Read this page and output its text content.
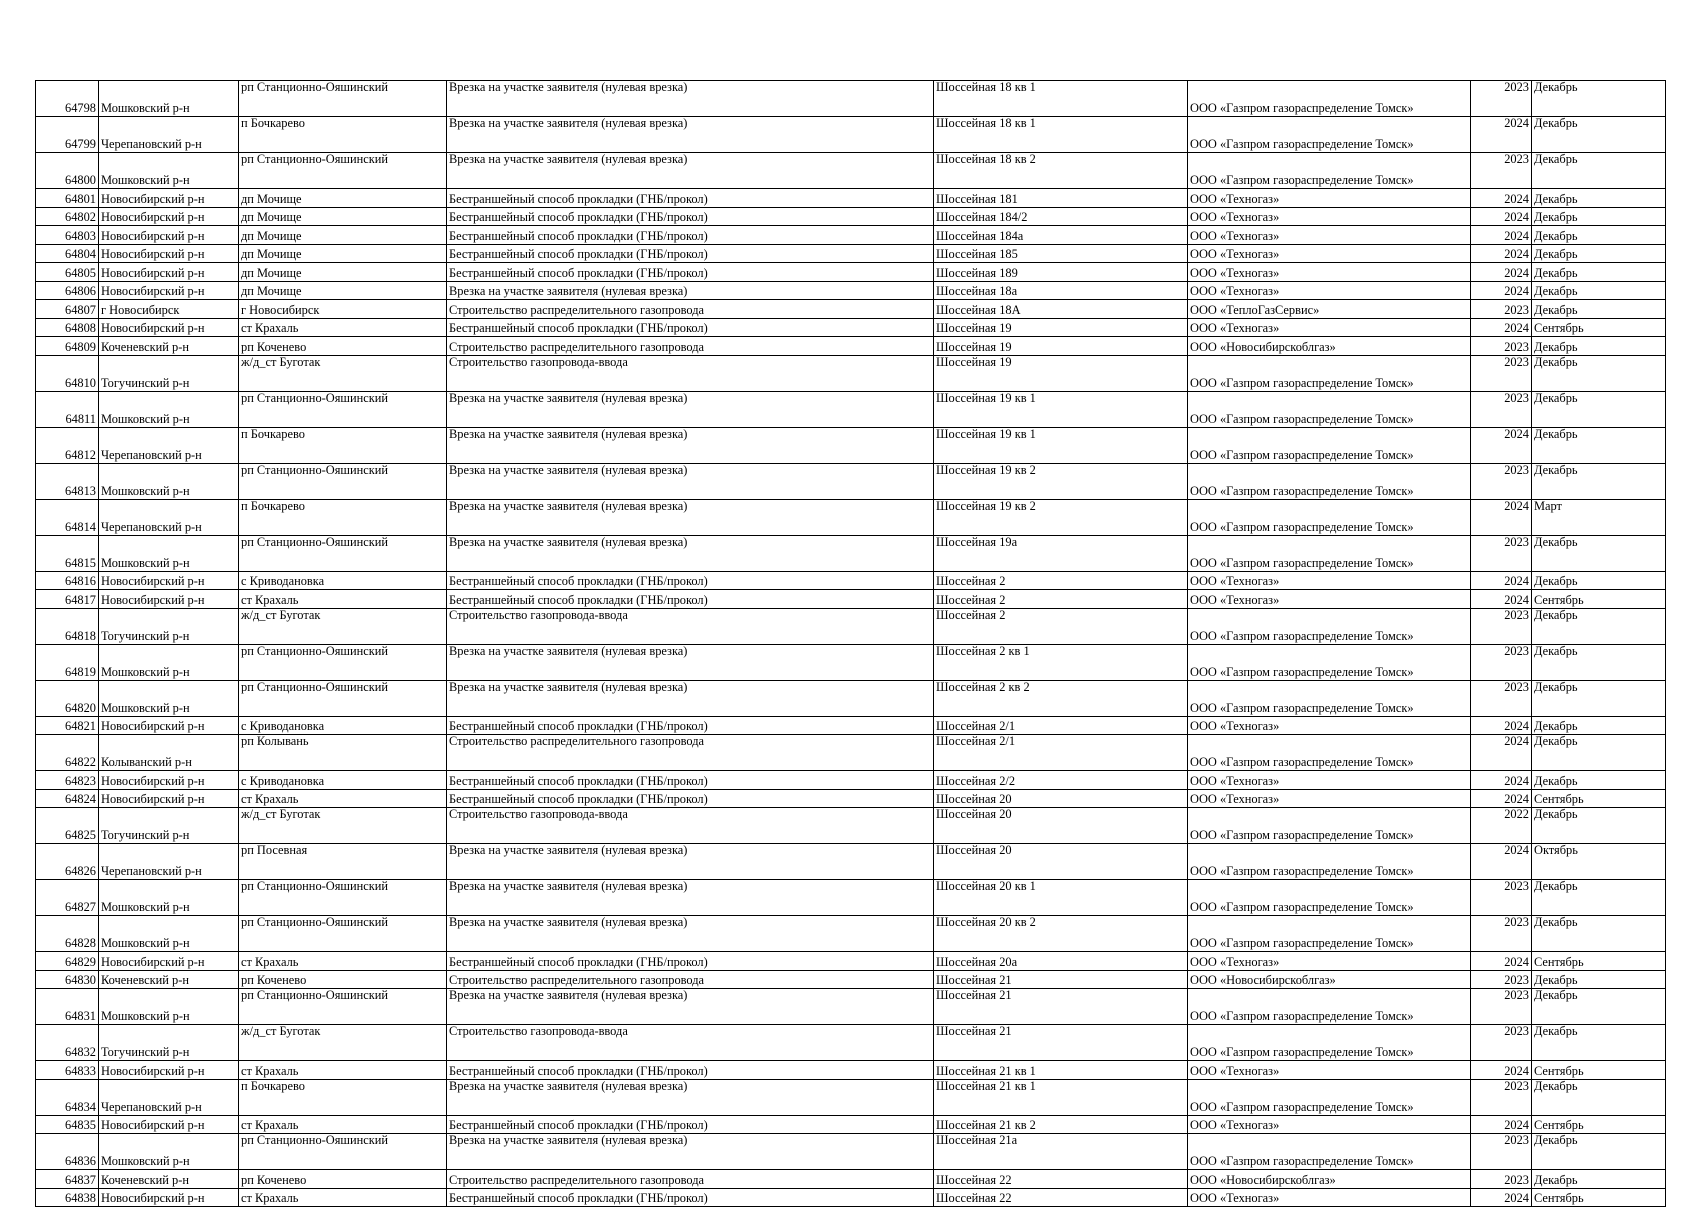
64798	Мошковский р-н	рп Станционно-Ояшинский	Врезка на участке заявителя (нулевая врезка)	Шоссейная 18 кв 1	ООО «Газпром газораспределение Томск»	2023	Декабрь
64799	Черепановский р-н	п Бочкарево	Врезка на участке заявителя (нулевая врезка)	Шоссейная 18 кв 1	ООО «Газпром газораспределение Томск»	2024	Декабрь
64800	Мошковский р-н	рп Станционно-Ояшинский	Врезка на участке заявителя (нулевая врезка)	Шоссейная 18 кв 2	ООО «Газпром газораспределение Томск»	2023	Декабрь
64801	Новосибирский р-н	дп Мочище	Бестраншейный способ прокладки (ГНБ/прокол)	Шоссейная 181	ООО «Техногаз»	2024	Декабрь
64802	Новосибирский р-н	дп Мочище	Бестраншейный способ прокладки (ГНБ/прокол)	Шоссейная 184/2	ООО «Техногаз»	2024	Декабрь
64803	Новосибирский р-н	дп Мочище	Бестраншейный способ прокладки (ГНБ/прокол)	Шоссейная 184а	ООО «Техногаз»	2024	Декабрь
64804	Новосибирский р-н	дп Мочище	Бестраншейный способ прокладки (ГНБ/прокол)	Шоссейная 185	ООО «Техногаз»	2024	Декабрь
64805	Новосибирский р-н	дп Мочище	Бестраншейный способ прокладки (ГНБ/прокол)	Шоссейная 189	ООО «Техногаз»	2024	Декабрь
64806	Новосибирский р-н	дп Мочище	Врезка на участке заявителя (нулевая врезка)	Шоссейная 18а	ООО «Техногаз»	2024	Декабрь
64807	г Новосибирск	г Новосибирск	Строительство распределительного газопровода	Шоссейная 18А	ООО «ТеплоГазСервис»	2023	Декабрь
64808	Новосибирский р-н	ст Крахаль	Бестраншейный способ прокладки (ГНБ/прокол)	Шоссейная 19	ООО «Техногаз»	2024	Сентябрь
64809	Коченевский р-н	рп Коченево	Строительство распределительного газопровода	Шоссейная 19	ООО «Новосибирскоблгаз»	2023	Декабрь
64810	Тогучинский р-н	ж/д_ст Буготак	Строительство газопровода-ввода	Шоссейная 19	ООО «Газпром газораспределение Томск»	2023	Декабрь
64811	Мошковский р-н	рп Станционно-Ояшинский	Врезка на участке заявителя (нулевая врезка)	Шоссейная 19 кв 1	ООО «Газпром газораспределение Томск»	2023	Декабрь
64812	Черепановский р-н	п Бочкарево	Врезка на участке заявителя (нулевая врезка)	Шоссейная 19 кв 1	ООО «Газпром газораспределение Томск»	2024	Декабрь
64813	Мошковский р-н	рп Станционно-Ояшинский	Врезка на участке заявителя (нулевая врезка)	Шоссейная 19 кв 2	ООО «Газпром газораспределение Томск»	2023	Декабрь
64814	Черепановский р-н	п Бочкарево	Врезка на участке заявителя (нулевая врезка)	Шоссейная 19 кв 2	ООО «Газпром газораспределение Томск»	2024	Март
64815	Мошковский р-н	рп Станционно-Ояшинский	Врезка на участке заявителя (нулевая врезка)	Шоссейная 19а	ООО «Газпром газораспределение Томск»	2023	Декабрь
64816	Новосибирский р-н	с Криводановка	Бестраншейный способ прокладки (ГНБ/прокол)	Шоссейная 2	ООО «Техногаз»	2024	Декабрь
64817	Новосибирский р-н	ст Крахаль	Бестраншейный способ прокладки (ГНБ/прокол)	Шоссейная 2	ООО «Техногаз»	2024	Сентябрь
64818	Тогучинский р-н	ж/д_ст Буготак	Строительство газопровода-ввода	Шоссейная 2	ООО «Газпром газораспределение Томск»	2023	Декабрь
64819	Мошковский р-н	рп Станционно-Ояшинский	Врезка на участке заявителя (нулевая врезка)	Шоссейная 2 кв 1	ООО «Газпром газораспределение Томск»	2023	Декабрь
64820	Мошковский р-н	рп Станционно-Ояшинский	Врезка на участке заявителя (нулевая врезка)	Шоссейная 2 кв 2	ООО «Газпром газораспределение Томск»	2023	Декабрь
64821	Новосибирский р-н	с Криводановка	Бестраншейный способ прокладки (ГНБ/прокол)	Шоссейная 2/1	ООО «Техногаз»	2024	Декабрь
64822	Колыванский р-н	рп Колывань	Строительство распределительного газопровода	Шоссейная 2/1	ООО «Газпром газораспределение Томск»	2024	Декабрь
64823	Новосибирский р-н	с Криводановка	Бестраншейный способ прокладки (ГНБ/прокол)	Шоссейная 2/2	ООО «Техногаз»	2024	Декабрь
64824	Новосибирский р-н	ст Крахаль	Бестраншейный способ прокладки (ГНБ/прокол)	Шоссейная 20	ООО «Техногаз»	2024	Сентябрь
64825	Тогучинский р-н	ж/д_ст Буготак	Строительство газопровода-ввода	Шоссейная 20	ООО «Газпром газораспределение Томск»	2022	Декабрь
64826	Черепановский р-н	рп Посевная	Врезка на участке заявителя (нулевая врезка)	Шоссейная 20	ООО «Газпром газораспределение Томск»	2024	Октябрь
64827	Мошковский р-н	рп Станционно-Ояшинский	Врезка на участке заявителя (нулевая врезка)	Шоссейная 20 кв 1	ООО «Газпром газораспределение Томск»	2023	Декабрь
64828	Мошковский р-н	рп Станционно-Ояшинский	Врезка на участке заявителя (нулевая врезка)	Шоссейная 20 кв 2	ООО «Газпром газораспределение Томск»	2023	Декабрь
64829	Новосибирский р-н	ст Крахаль	Бестраншейный способ прокладки (ГНБ/прокол)	Шоссейная 20а	ООО «Техногаз»	2024	Сентябрь
64830	Коченевский р-н	рп Коченево	Строительство распределительного газопровода	Шоссейная 21	ООО «Новосибирскоблгаз»	2023	Декабрь
64831	Мошковский р-н	рп Станционно-Ояшинский	Врезка на участке заявителя (нулевая врезка)	Шоссейная 21	ООО «Газпром газораспределение Томск»	2023	Декабрь
64832	Тогучинский р-н	ж/д_ст Буготак	Строительство газопровода-ввода	Шоссейная 21	ООО «Газпром газораспределение Томск»	2023	Декабрь
64833	Новосибирский р-н	ст Крахаль	Бестраншейный способ прокладки (ГНБ/прокол)	Шоссейная 21 кв 1	ООО «Техногаз»	2024	Сентябрь
64834	Черепановский р-н	п Бочкарево	Врезка на участке заявителя (нулевая врезка)	Шоссейная 21 кв 1	ООО «Газпром газораспределение Томск»	2023	Декабрь
64835	Новосибирский р-н	ст Крахаль	Бестраншейный способ прокладки (ГНБ/прокол)	Шоссейная 21 кв 2	ООО «Техногаз»	2024	Сентябрь
64836	Мошковский р-н	рп Станционно-Ояшинский	Врезка на участке заявителя (нулевая врезка)	Шоссейная 21а	ООО «Газпром газораспределение Томск»	2023	Декабрь
64837	Коченевский р-н	рп Коченево	Строительство распределительного газопровода	Шоссейная 22	ООО «Новосибирскоблгаз»	2023	Декабрь
64838	Новосибирский р-н	ст Крахаль	Бестраншейный способ прокладки (ГНБ/прокол)	Шоссейная 22	ООО «Техногаз»	2024	Сентябрь
